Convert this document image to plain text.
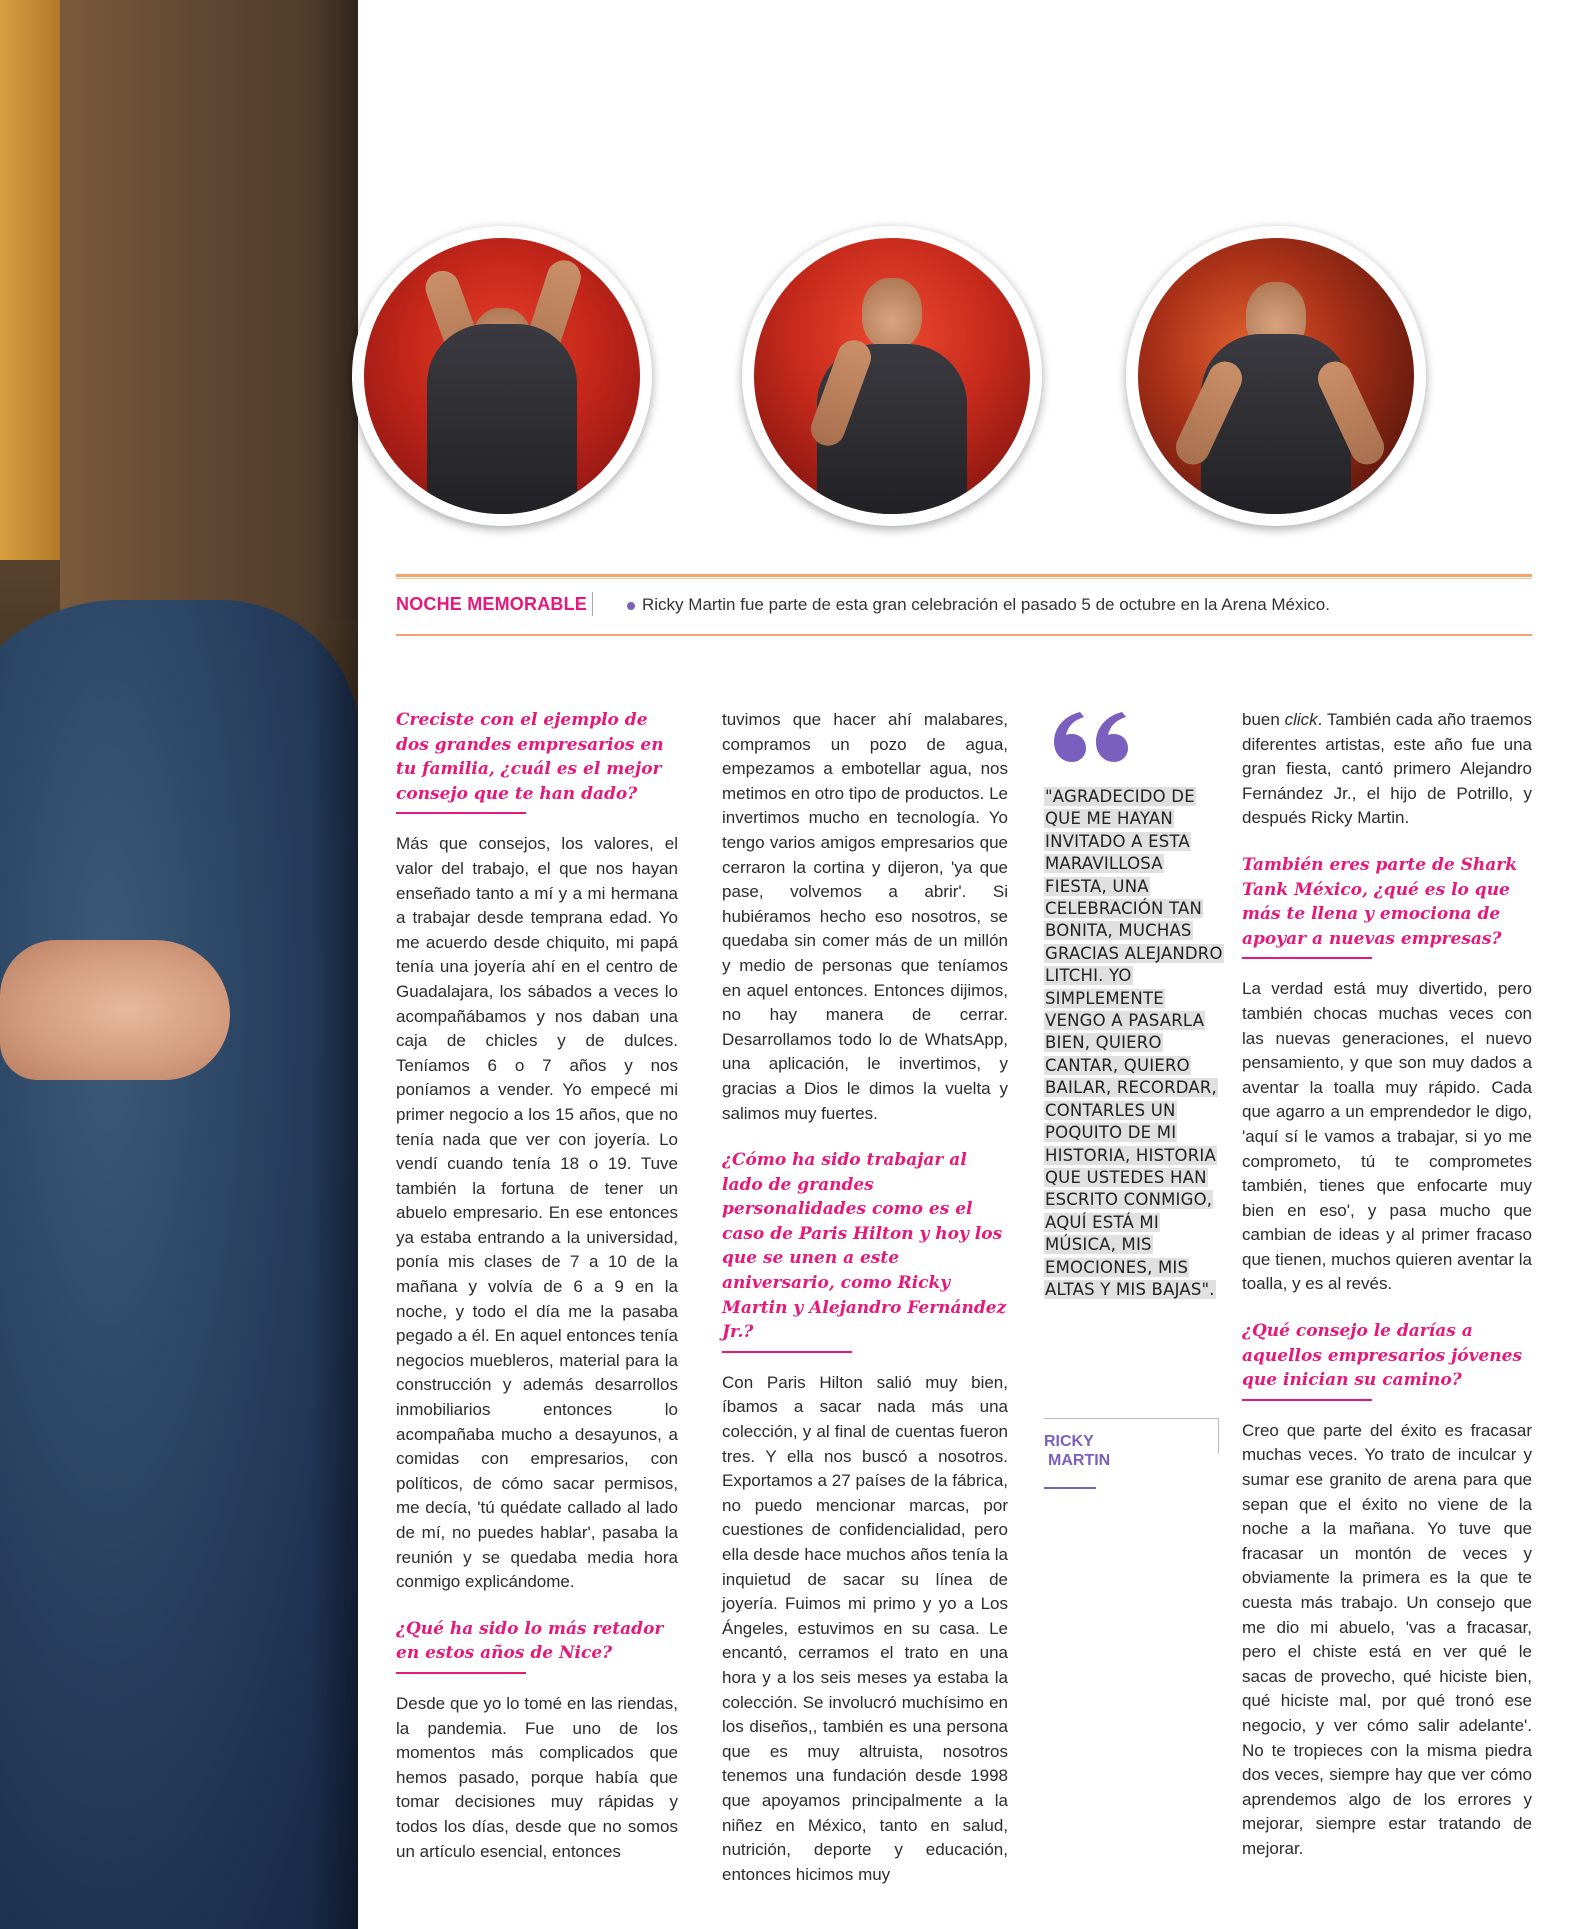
NOCHE MEMORABLE	Ricky Martin fue parte de esta gran celebración el pasado 5 de octubre en la Arena México.
Creciste con el ejemplo de dos grandes empresarios en tu familia, ¿cuál es el mejor consejo que te han dado?

Más que consejos, los valores, el valor del trabajo, el que nos hayan enseñado tanto a mí y a mi hermana a trabajar desde temprana edad. Yo me acuerdo desde chiquito, mi papá tenía una joyería ahí en el centro de Guadalajara, los sábados a veces lo acompañábamos y nos daban una caja de chicles y de dulces. Teníamos 6 o 7 años y nos poníamos a vender. Yo empecé mi primer negocio a los 15 años, que no tenía nada que ver con joyería. Lo vendí cuando tenía 18 o 19. Tuve también la fortuna de tener un abuelo empresario. En ese entonces ya estaba entrando a la universidad, ponía mis clases de 7 a 10 de la mañana y volvía de 6 a 9 en la noche, y todo el día me la pasaba pegado a él. En aquel entonces tenía negocios muebleros, material para la construcción y además desarrollos inmobiliarios entonces lo acompañaba mucho a desayunos, a comidas con empresarios, con políticos, de cómo sacar permisos, me decía, 'tú quédate callado al lado de mí, no puedes hablar', pasaba la reunión y se quedaba media hora conmigo explicándome.

¿Qué ha sido lo más retador en estos años de Nice?

Desde que yo lo tomé en las riendas, la pandemia. Fue uno de los momentos más complicados que hemos pasado, porque había que tomar decisiones muy rápidas y todos los días, desde que no somos un artículo esencial, entonces

tuvimos que hacer ahí malabares, compramos un pozo de agua, empezamos a embotellar agua, nos metimos en otro tipo de productos. Le invertimos mucho en tecnología. Yo tengo varios amigos empresarios que cerraron la cortina y dijeron, 'ya que pase, volvemos a abrir'. Si hubiéramos hecho eso nosotros, se quedaba sin comer más de un millón y medio de personas que teníamos en aquel entonces. Entonces dijimos, no hay manera de cerrar. Desarrollamos todo lo de WhatsApp, una aplicación, le invertimos, y gracias a Dios le dimos la vuelta y salimos muy fuertes.

¿Cómo ha sido trabajar al lado de grandes personalidades como es el caso de Paris Hilton y hoy los que se unen a este aniversario, como Ricky Martin y Alejandro Fernández Jr.?

Con Paris Hilton salió muy bien, íbamos a sacar nada más una colección, y al final de cuentas fueron tres. Y ella nos buscó a nosotros. Exportamos a 27 países de la fábrica, no puedo mencionar marcas, por cuestiones de confidencialidad, pero ella desde hace muchos años tenía la inquietud de sacar su línea de joyería. Fuimos mi primo y yo a Los Ángeles, estuvimos en su casa. Le encantó, cerramos el trato en una hora y a los seis meses ya estaba la colección. Se involucró muchísimo en los diseños,, también es una persona que es muy altruista, nosotros tenemos una fundación desde 1998 que apoyamos principalmente a la niñez en México, tanto en salud, nutrición, deporte y educación, entonces hicimos muy

"AGRADECIDO DE QUE ME HAYAN INVITADO A ESTA MARAVILLOSA FIESTA, UNA CELEBRACIÓN TAN BONITA, MUCHAS GRACIAS ALEJANDRO LITCHI. YO SIMPLEMENTE VENGO A PASARLA BIEN, QUIERO CANTAR, QUIERO BAILAR, RECORDAR, CONTARLES UN POQUITO DE MI HISTORIA, HISTORIA QUE USTEDES HAN ESCRITO CONMIGO, AQUÍ ESTÁ MI MÚSICA, MIS EMOCIONES, MIS ALTAS Y MIS BAJAS".
RICKY
MARTIN

buen click. También cada año traemos diferentes artistas, este año fue una gran fiesta, cantó primero Alejandro Fernández Jr., el hijo de Potrillo, y después Ricky Martin.

También eres parte de Shark Tank México, ¿qué es lo que más te llena y emociona de apoyar a nuevas empresas?

La verdad está muy divertido, pero también chocas muchas veces con las nuevas generaciones, el nuevo pensamiento, y que son muy dados a aventar la toalla muy rápido. Cada que agarro a un emprendedor le digo, 'aquí sí le vamos a trabajar, si yo me comprometo, tú te comprometes también, tienes que enfocarte muy bien en eso', y pasa mucho que cambian de ideas y al primer fracaso que tienen, muchos quieren aventar la toalla, y es al revés.

¿Qué consejo le darías a aquellos empresarios jóvenes que inician su camino?

Creo que parte del éxito es fracasar muchas veces. Yo trato de inculcar y sumar ese granito de arena para que sepan que el éxito no viene de la noche a la mañana. Yo tuve que fracasar un montón de veces y obviamente la primera es la que te cuesta más trabajo. Un consejo que me dio mi abuelo, 'vas a fracasar, pero el chiste está en ver qué le sacas de provecho, qué hiciste bien, qué hiciste mal, por qué tronó ese negocio, y ver cómo salir adelante'. No te tropieces con la misma piedra dos veces, siempre hay que ver cómo aprendemos algo de los errores y mejorar, siempre estar tratando de mejorar.
